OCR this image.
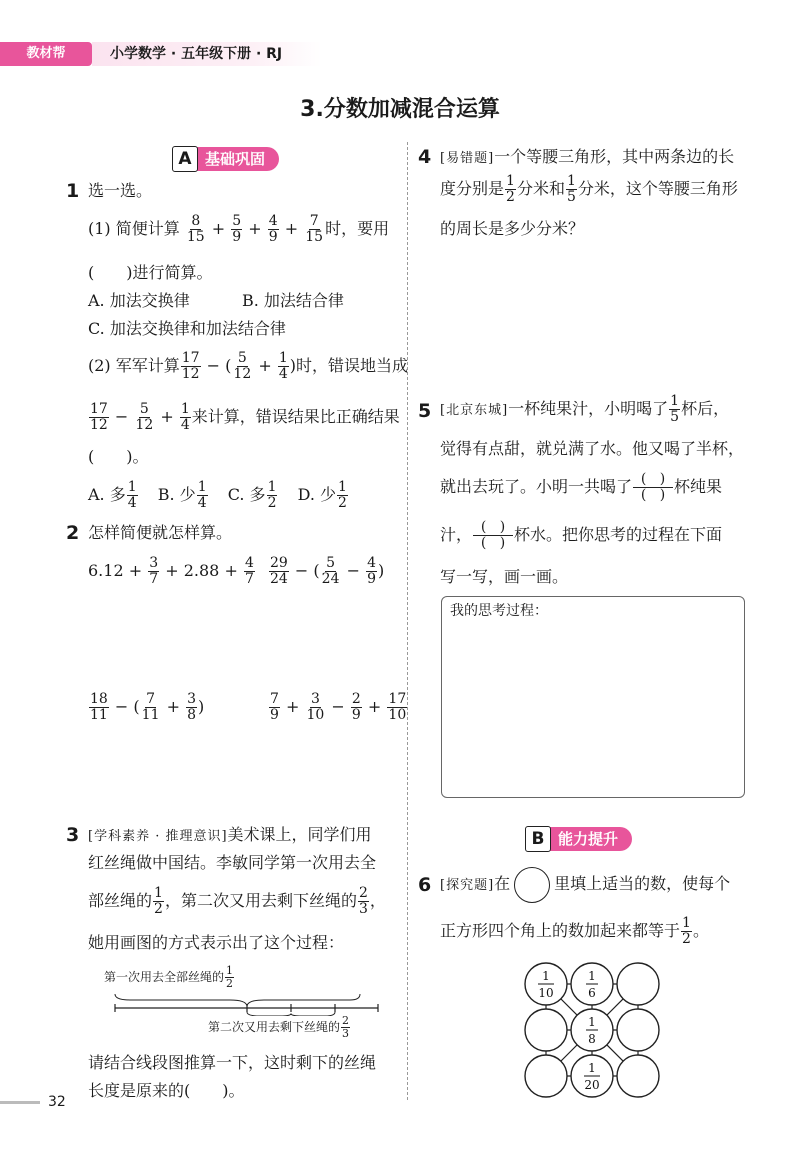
教材帮	小学数学 · 五年级下册 · RJ
3.分数加减混合运算
A 基础巩固
1 选一选。
(1) 简便计算 $\frac{8}{15} + \frac{5}{9} + \frac{4}{9} + \frac{7}{15}$ 时，要用
(　　)进行简算。
A. 加法交换律	B. 加法结合律
C. 加法交换律和加法结合律
(2) 军军计算 $\frac{17}{12}$ − ( $\frac{5}{12} + \frac{1}{4}$ )时，错误地当成
$\frac{17}{12} - \frac{5}{12} + \frac{1}{4}$ 来计算，错误结果比正确结果
(　　)。
A. 多 $\frac{1}{4} B$. 少 $\frac{1}{4} C$. 多 $\frac{1}{2} D$. 少 $\frac{1}{2}$
2 怎样简便就怎样算。
$6.12 + \frac{3}{7} + 2.88 + \frac{4}{7} \frac{29}{24}$ − ( $\frac{5}{24} - \frac{4}{9}$ )
$\frac{18}{11}$ − ( $\frac{7}{11} + \frac{3}{8}$ )	$\frac{7}{9} + \frac{3}{10} - \frac{2}{9} + \frac{17}{10}$
3 [学科素养 · 推理意识]美术课上，同学们用
红丝绳做中国结。李敏同学第一次用去全
部丝绳的 $\frac{1}{2}$ ，第二次又用去剩下丝绳的 $\frac{2}{3}$ ，
她用画图的方式表示出了这个过程：
第一次用去全部丝绳的 $\frac{1}{2}$
第二次又用去剩下丝绳的 $\frac{2}{3}$
请结合线段图推算一下，这时剩下的丝绳
长度是原来的(　　)。
4 [易错题]一个等腰三角形，其中两条边的长
度分别是 $\frac{1}{2}$ 分米和 $\frac{1}{5}$ 分米，这个等腰三角形
的周长是多少分米？
5 [北京东城]一杯纯果汁，小明喝了 $\frac{1}{5}$ 杯后，
觉得有点甜，就兑满了水。他又喝了半杯，
就出去玩了。小明一共喝了 $\frac{( )}{( )}$ 杯纯果
汁， $\frac{( )}{( )}$ 杯水。把你思考的过程在下面
写一写，画一画。
我的思考过程：
B 能力提升
6 [探究题]在	里填上适当的数，使每个
正方形四个角上的数加起来都等于 $\frac{1}{2}$ 。
1
10
1
6
1
8
1
20
32
